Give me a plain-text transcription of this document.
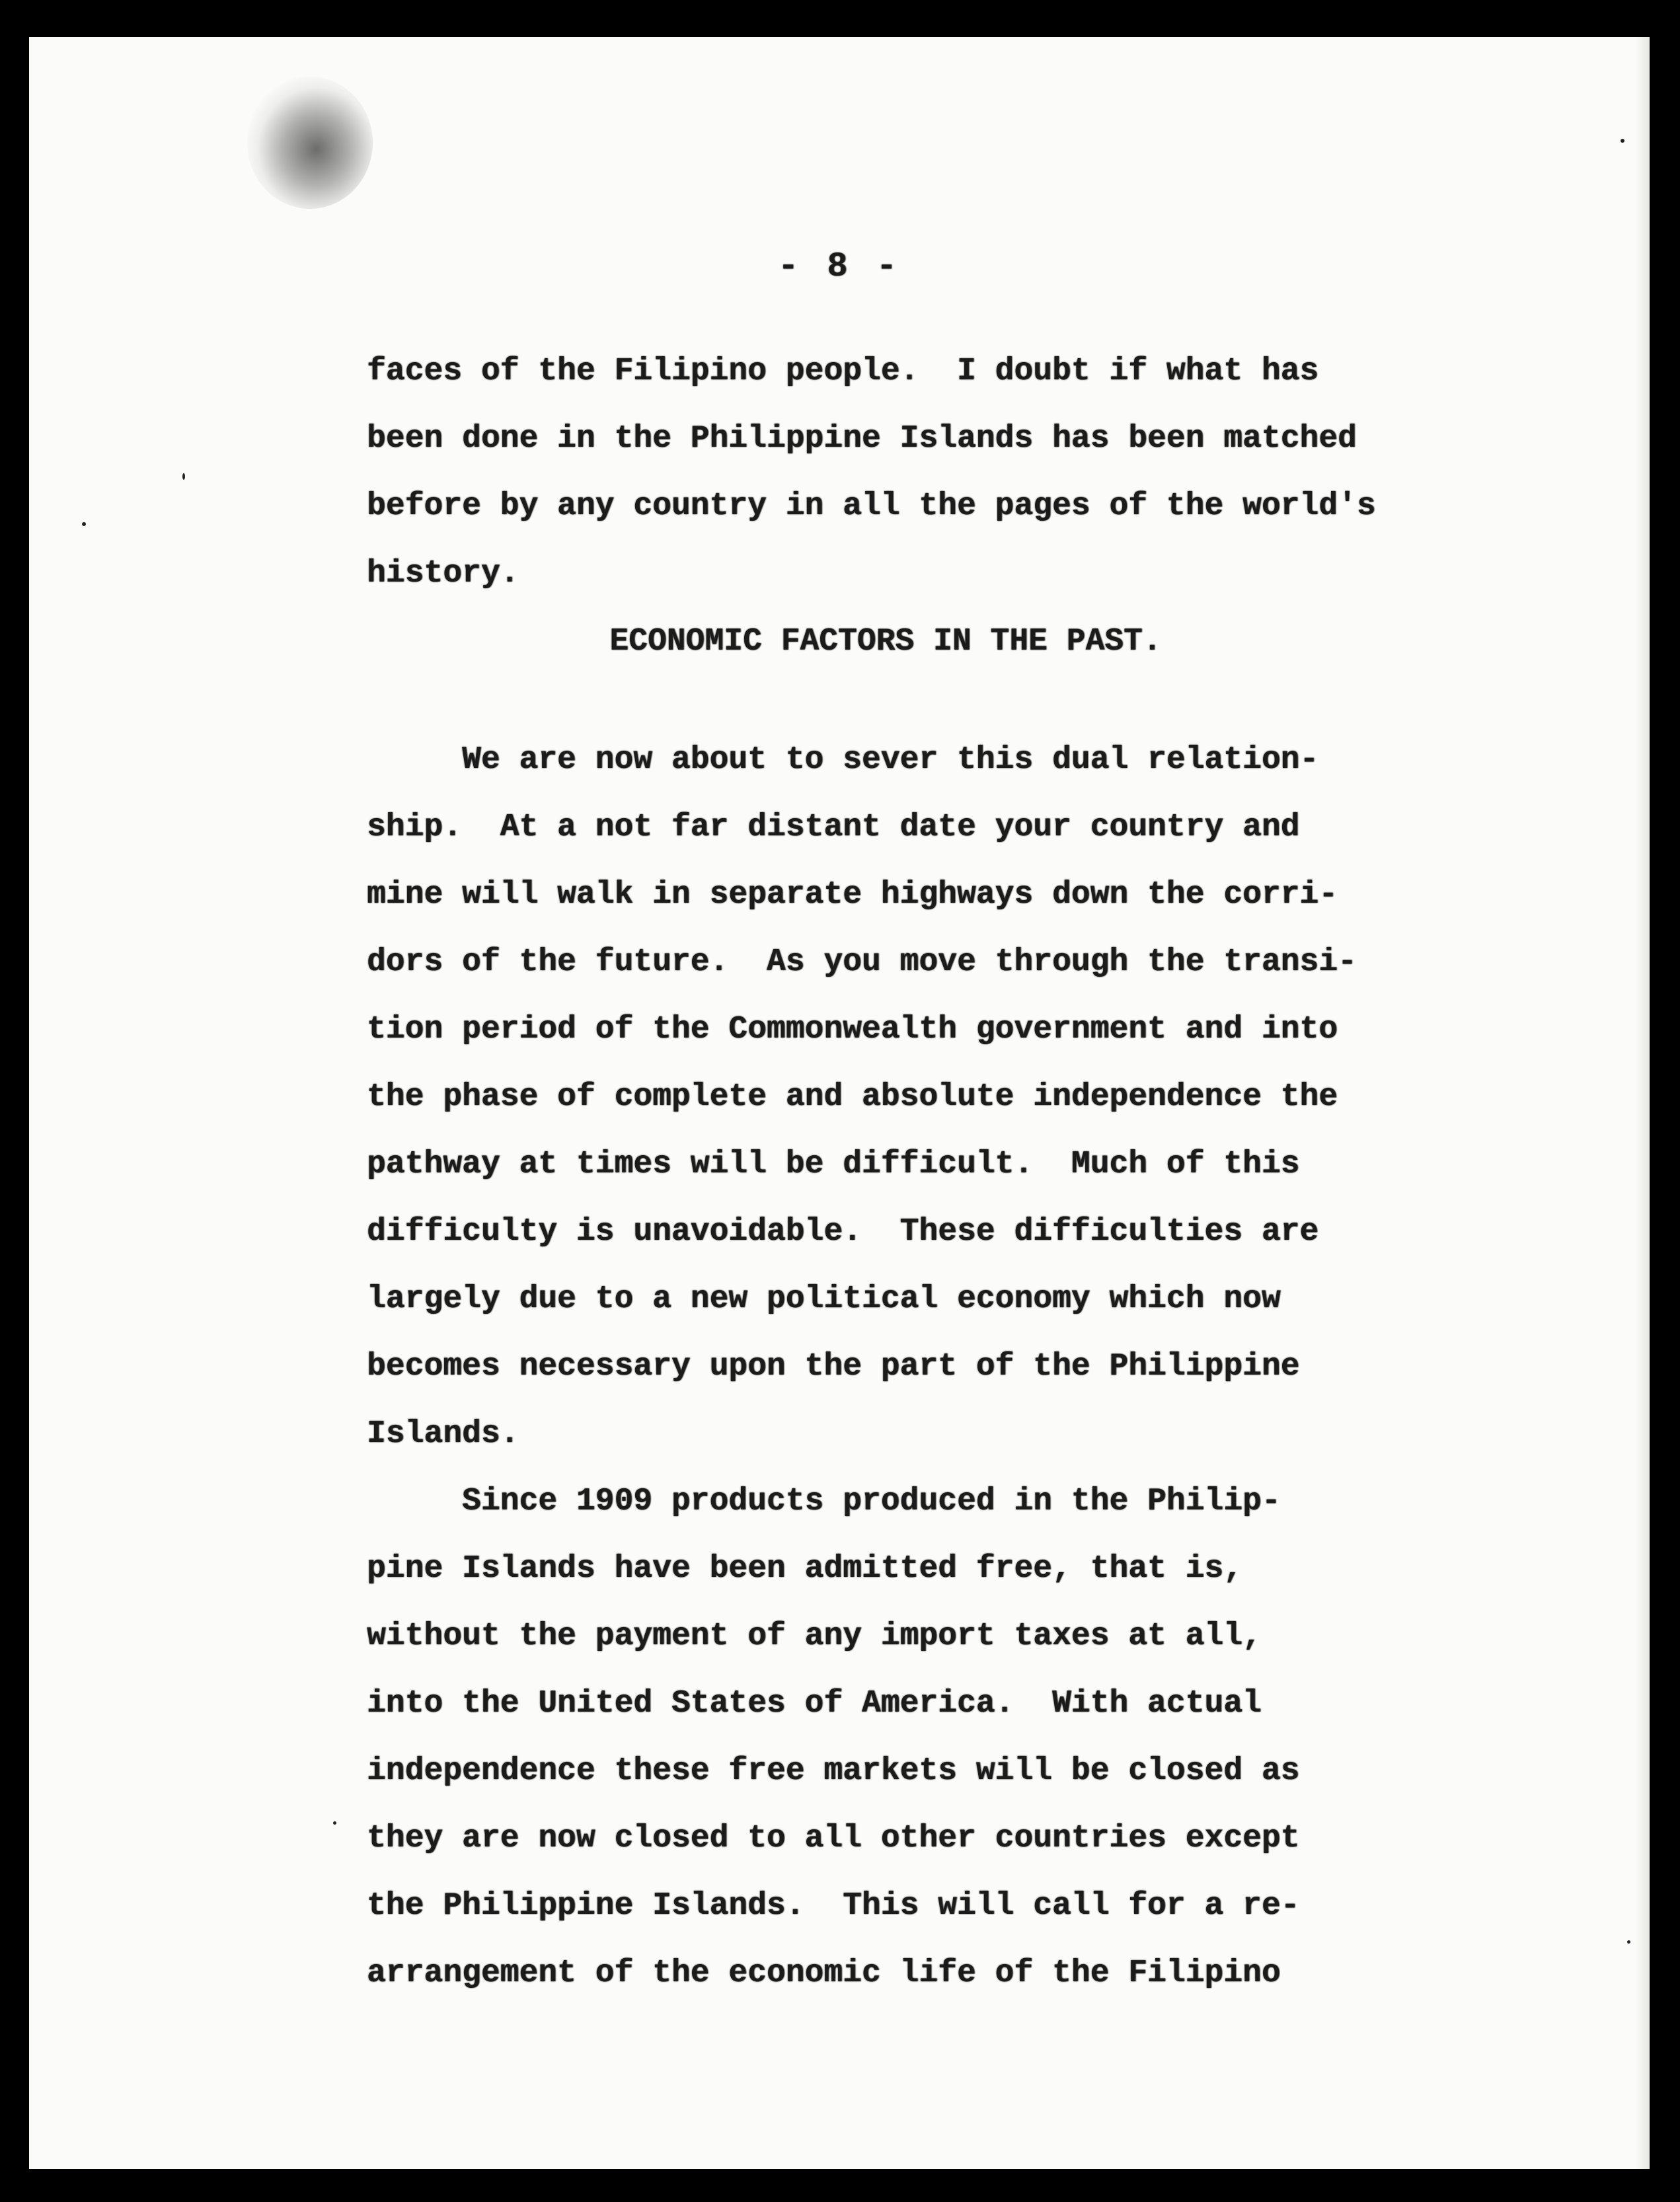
- 8 -
faces of the Filipino people.  I doubt if what has
been done in the Philippine Islands has been matched
before by any country in all the pages of the world's
history.
ECONOMIC FACTORS IN THE PAST.
We are now about to sever this dual relation-
ship.  At a not far distant date your country and
mine will walk in separate highways down the corri-
dors of the future.  As you move through the transi-
tion period of the Commonwealth government and into
the phase of complete and absolute independence the
pathway at times will be difficult.  Much of this
difficulty is unavoidable.  These difficulties are
largely due to a new political economy which now
becomes necessary upon the part of the Philippine
Islands.
Since 1909 products produced in the Philip-
pine Islands have been admitted free, that is,
without the payment of any import taxes at all,
into the United States of America.  With actual
independence these free markets will be closed as
they are now closed to all other countries except
the Philippine Islands.  This will call for a re-
arrangement of the economic life of the Filipino
